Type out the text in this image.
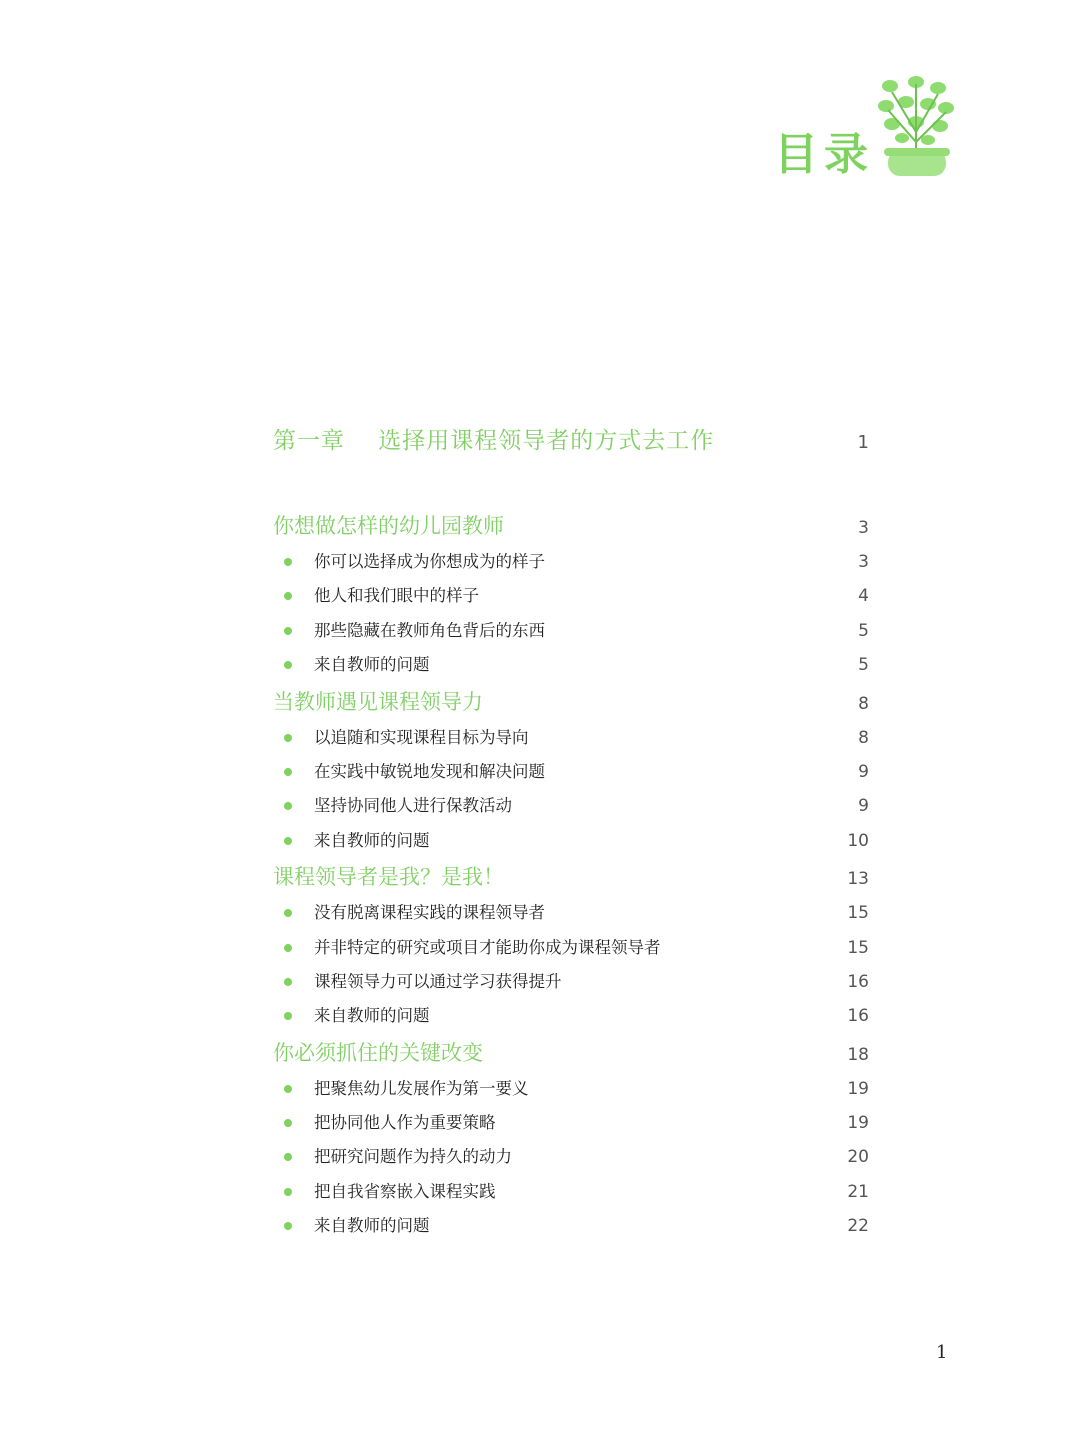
目录
第一章    选择用课程领导者的方式去工作	1
你想做怎样的幼儿园教师	3
你可以选择成为你想成为的样子	3
他人和我们眼中的样子	4
那些隐藏在教师角色背后的东西	5
来自教师的问题	5
当教师遇见课程领导力	8
以追随和实现课程目标为导向	8
在实践中敏锐地发现和解决问题	9
坚持协同他人进行保教活动	9
来自教师的问题	10
课程领导者是我？是我！	13
没有脱离课程实践的课程领导者	15
并非特定的研究或项目才能助你成为课程领导者	15
课程领导力可以通过学习获得提升	16
来自教师的问题	16
你必须抓住的关键改变	18
把聚焦幼儿发展作为第一要义	19
把协同他人作为重要策略	19
把研究问题作为持久的动力	20
把自我省察嵌入课程实践	21
来自教师的问题	22
1
